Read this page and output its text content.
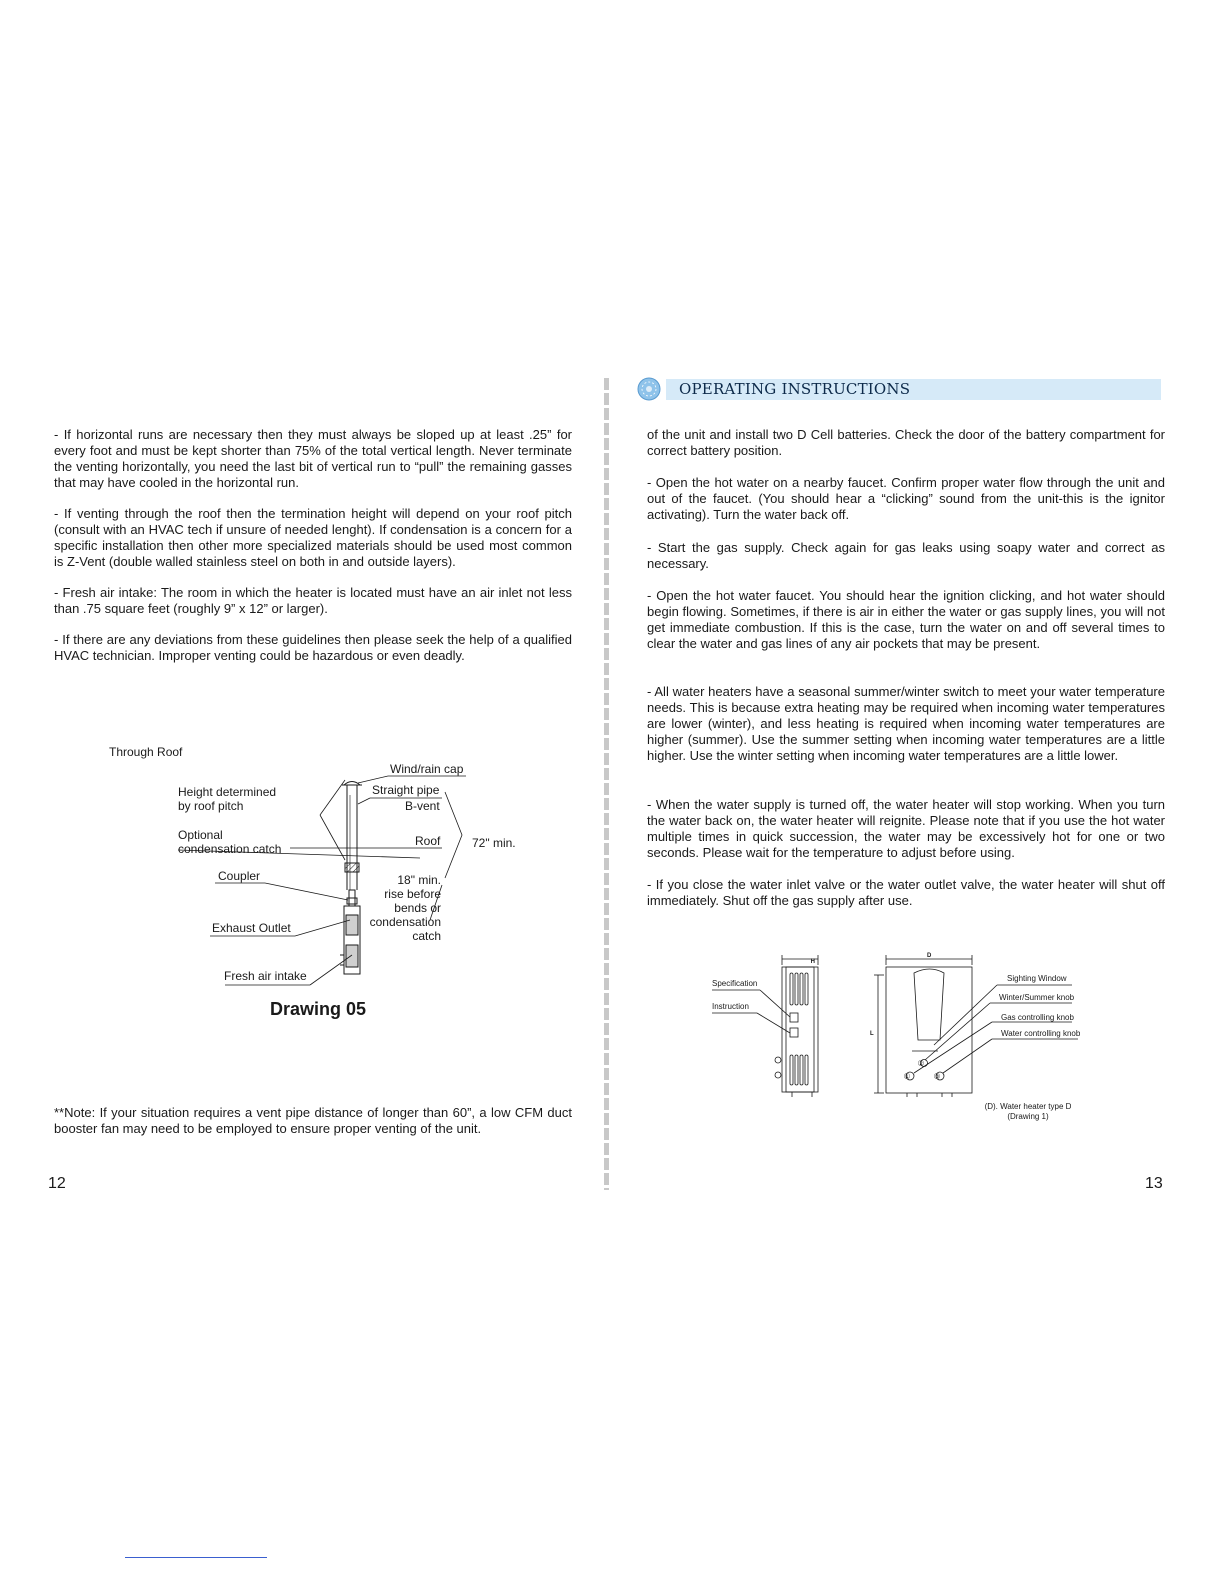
- If horizontal runs are necessary then they must always be sloped up at least .25” for every foot and must be kept shorter than 75% of the total vertical length. Never terminate the venting horizontally, you need the last bit of vertical run to “pull” the remaining gasses that may have cooled in the horizontal run.

- If venting through the roof then the termination height will depend on your roof pitch (consult with an HVAC tech if unsure of needed lenght). If condensation is a concern for a specific installation then other more specialized materials should be used most common is Z-Vent (double walled stainless steel on both in and outside layers).

- Fresh air intake: The room in which the heater is located must have an air inlet not less than .75 square feet (roughly 9” x 12” or larger).

- If there are any deviations from these guidelines then please seek the help of a qualified HVAC technician. Improper venting could be hazardous or even deadly.

Through Roof
Wind/rain cap
Height determined
by roof pitch
Straight pipe
B-vent
Optional
condensation catch
Roof	72" min.
Coupler	18" min.
rise before
bends or
condensation
catch
Exhaust Outlet
Fresh air intake
Drawing 05

**Note: If your situation requires a vent pipe distance of longer than 60”, a low CFM duct booster fan may need to be employed to ensure proper venting of the unit.

12
OPERATING INSTRUCTIONS

of the unit and install two D Cell batteries. Check the door of the battery compartment for correct battery position.

- Open the hot water on a nearby faucet. Confirm proper water flow through the unit and out of the faucet. (You should hear a “clicking” sound from the unit-this is the ignitor activating). Turn the water back off.

- Start the gas supply. Check again for gas leaks using soapy water and correct as necessary.

- Open the hot water faucet. You should hear the ignition clicking, and hot water should begin flowing. Sometimes, if there is air in either the water or gas supply lines, you will not get immediate combustion. If this is the case, turn the water on and off several times to clear the water and gas lines of any air pockets that may be present.

- All water heaters have a seasonal summer/winter switch to meet your water temperature needs. This is because extra heating may be required when incoming water temperatures are lower (winter), and less heating is required when incoming water temperatures are higher (summer). Use the summer setting when incoming water temperatures are a little higher. Use the winter setting when incoming water temperatures are a little lower.

- When the water supply is turned off, the water heater will stop working. When you turn the water back on, the water heater will reignite. Please note that if you use the hot water multiple times in quick succession, the water may be excessively hot for one or two seconds. Please wait for the temperature to adjust before using.

- If you close the water inlet valve or the water outlet valve, the water heater will shut off immediately. Shut off the gas supply after use.

H
Specification
Instruction
D
L
①
②
③
Sighting Window
Winter/Summer knob
Gas controlling knob
Water controlling knob
(D). Water heater type D
(Drawing 1)
13
